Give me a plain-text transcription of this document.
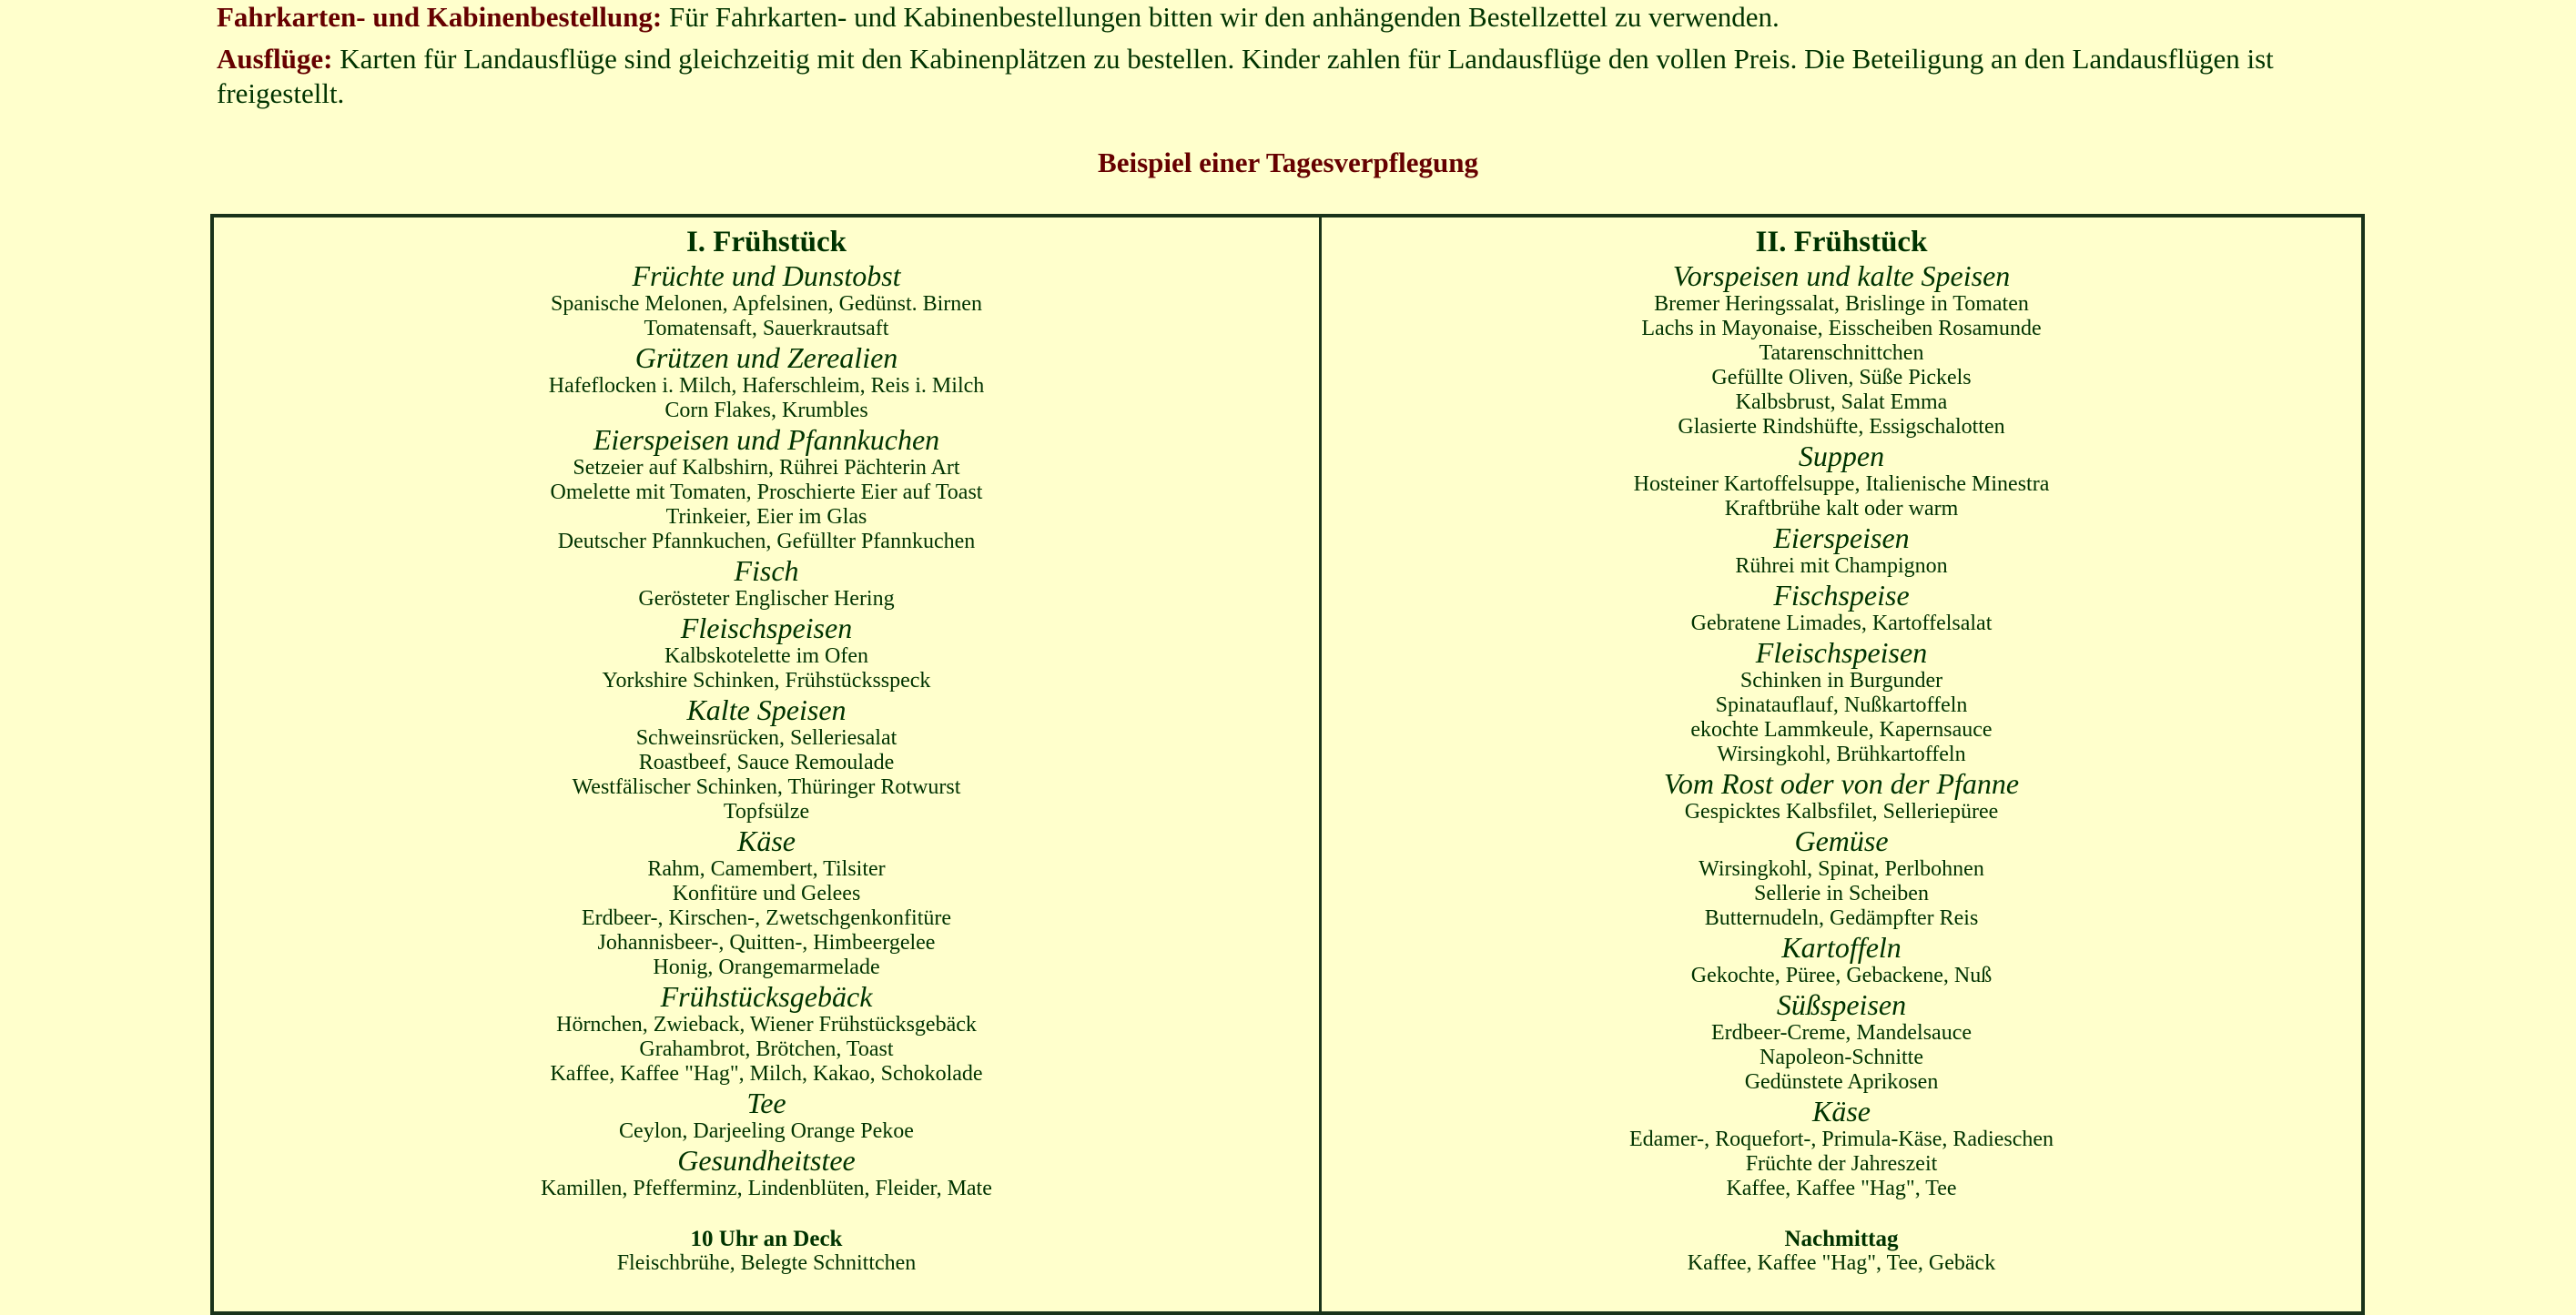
Fahrkarten- und Kabinenbestellung: Für Fahrkarten- und Kabinenbestellungen bitten wir den anhängenden Bestellzettel zu verwenden.

Ausflüge: Karten für Landausflüge sind gleichzeitig mit den Kabinenplätzen zu bestellen. Kinder zahlen für Landausflüge den vollen Preis. Die Beteiligung an den Landausflügen ist freigestellt.

Beispiel einer Tagesverpflegung
I. Frühstück

Früchte und Dunstobst

Spanische Melonen, Apfelsinen, Gedünst. Birnen

Tomatensaft, Sauerkrautsaft

Grützen und Zerealien

Hafeflocken i. Milch, Haferschleim, Reis i. Milch

Corn Flakes, Krumbles

Eierspeisen und Pfannkuchen

Setzeier auf Kalbshirn, Rührei Pächterin Art

Omelette mit Tomaten, Proschierte Eier auf Toast

Trinkeier, Eier im Glas

Deutscher Pfannkuchen, Gefüllter Pfannkuchen

Fisch

Gerösteter Englischer Hering

Fleischspeisen

Kalbskotelette im Ofen

Yorkshire Schinken, Frühstücksspeck

Kalte Speisen

Schweinsrücken, Selleriesalat

Roastbeef, Sauce Remoulade

Westfälischer Schinken, Thüringer Rotwurst

Topfsülze

Käse

Rahm, Camembert, Tilsiter

Konfitüre und Gelees

Erdbeer-, Kirschen-, Zwetschgenkonfitüre

Johannisbeer-, Quitten-, Himbeergelee

Honig, Orangemarmelade

Frühstücksgebäck

Hörnchen, Zwieback, Wiener Frühstücksgebäck

Grahambrot, Brötchen, Toast

Kaffee, Kaffee "Hag", Milch, Kakao, Schokolade

Tee

Ceylon, Darjeeling Orange Pekoe

Gesundheitstee

Kamillen, Pfefferminz, Lindenblüten, Fleider, Mate

10 Uhr an Deck

Fleischbrühe, Belegte Schnittchen

II. Frühstück

Vorspeisen und kalte Speisen

Bremer Heringssalat, Brislinge in Tomaten

Lachs in Mayonaise, Eisscheiben Rosamunde

Tatarenschnittchen

Gefüllte Oliven, Süße Pickels

Kalbsbrust, Salat Emma

Glasierte Rindshüfte, Essigschalotten

Suppen

Hosteiner Kartoffelsuppe, Italienische Minestra

Kraftbrühe kalt oder warm

Eierspeisen

Rührei mit Champignon

Fischspeise

Gebratene Limades, Kartoffelsalat

Fleischspeisen

Schinken in Burgunder

Spinatauflauf, Nußkartoffeln

ekochte Lammkeule, Kapernsauce

Wirsingkohl, Brühkartoffeln

Vom Rost oder von der Pfanne

Gespicktes Kalbsfilet, Selleriepüree

Gemüse

Wirsingkohl, Spinat, Perlbohnen

Sellerie in Scheiben

Butternudeln, Gedämpfter Reis

Kartoffeln

Gekochte, Püree, Gebackene, Nuß

Süßspeisen

Erdbeer-Creme, Mandelsauce

Napoleon-Schnitte

Gedünstete Aprikosen

Käse

Edamer-, Roquefort-, Primula-Käse, Radieschen

Früchte der Jahreszeit

Kaffee, Kaffee "Hag", Tee

Nachmittag

Kaffee, Kaffee "Hag", Tee, Gebäck
